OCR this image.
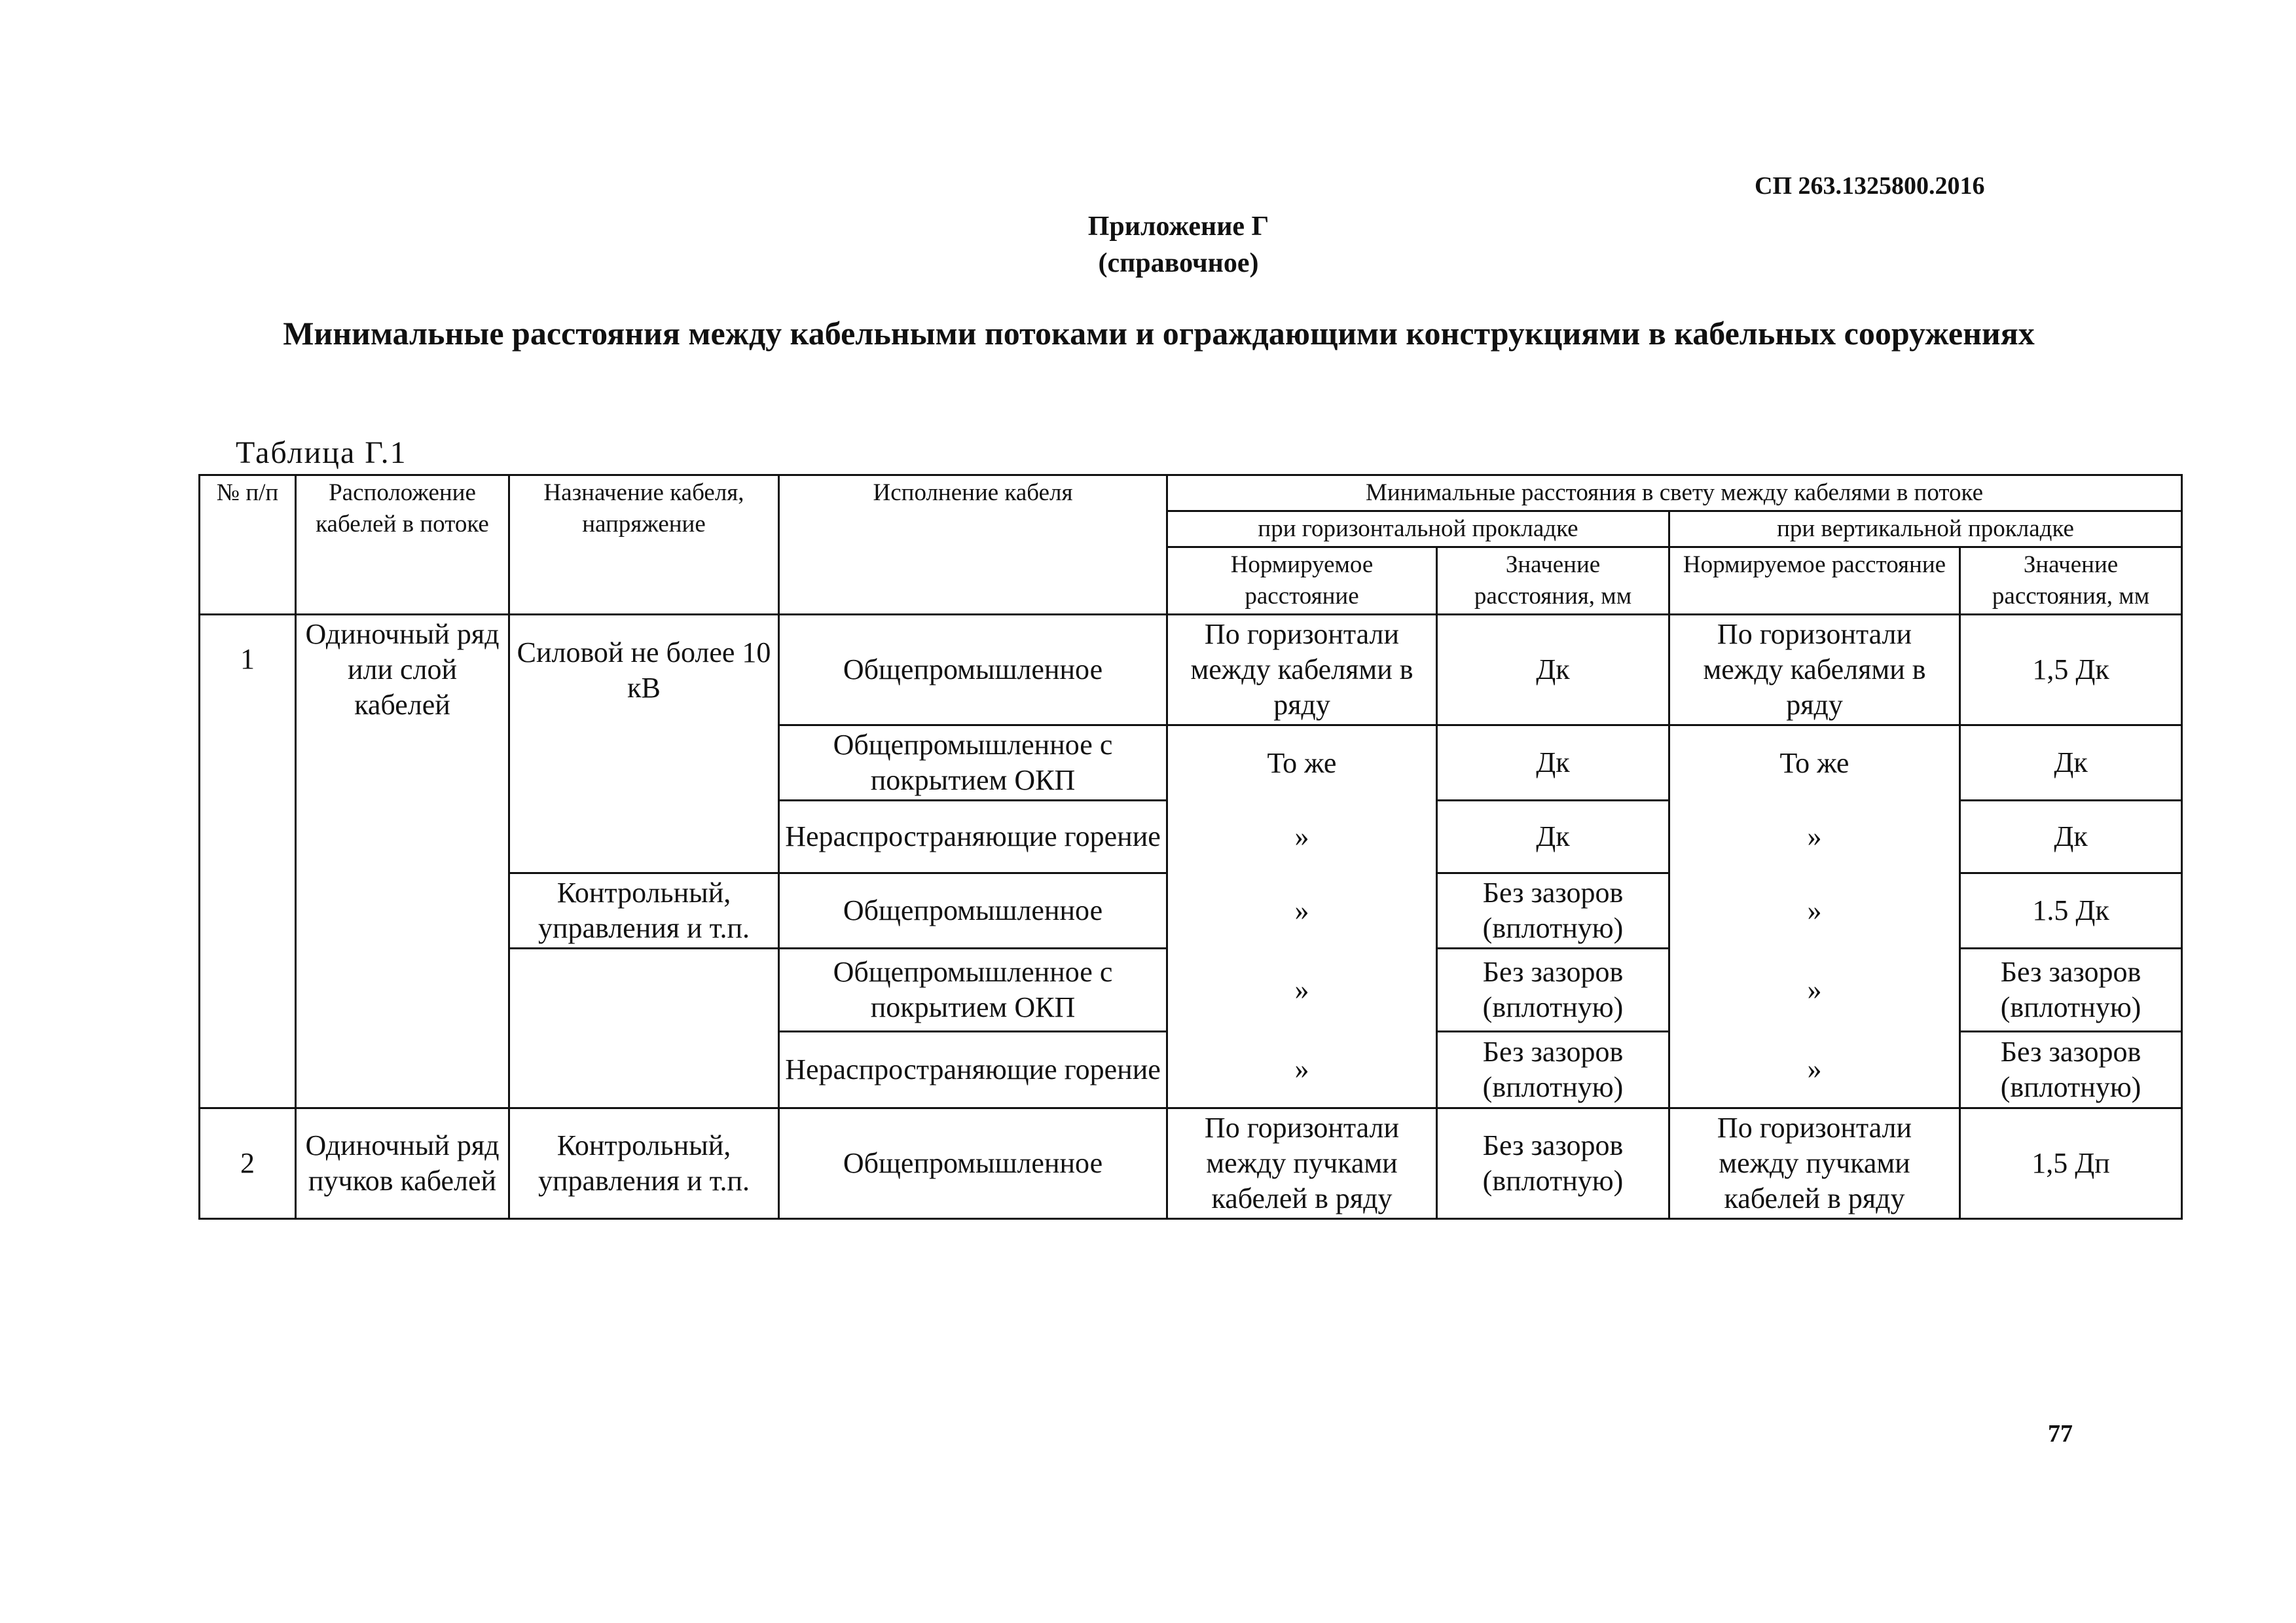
СП 263.1325800.2016
Приложение Г
(справочное)
Минимальные расстояния между кабельными потоками и ограждающими конструкциями в кабельных сооружениях
Таблица Г.1
№ п/п	Расположение кабелей в потоке	Назначение кабеля, напряжение	Исполнение кабеля	Минимальные расстояния в свету между кабелями в потоке			
				при горизонтальной прокладке		при вертикальной прокладке	
				Нормируемое расстояние	Значение расстояния, мм	Нормируемое расстояние	Значение расстояния, мм
1	Одиночный ряд или слой кабелей	Силовой не более 10 кВ	Общепромышленное	По горизонтали между кабелями в ряду	Дк	По горизонтали между кабелями в ряду	1,5 Дк
			Общепромышленное с покрытием ОКП	То же	Дк	То же	Дк
			Нераспространяющие горение	»	Дк	»	Дк
		Контрольный, управления и т.п.	Общепромышленное	»	Без зазоров (вплотную)	»	1.5 Дк
			Общепромышленное с покрытием ОКП	»	Без зазоров (вплотную)	»	Без зазоров (вплотную)
			Нераспространяющие горение	»	Без зазоров (вплотную)	»	Без зазоров (вплотную)
2	Одиночный ряд пучков кабелей	Контрольный, управления и т.п.	Общепромышленное	По горизонтали между пучками кабелей в ряду	Без зазоров (вплотную)	По горизонтали между пучками кабелей в ряду	1,5 Дп
77
